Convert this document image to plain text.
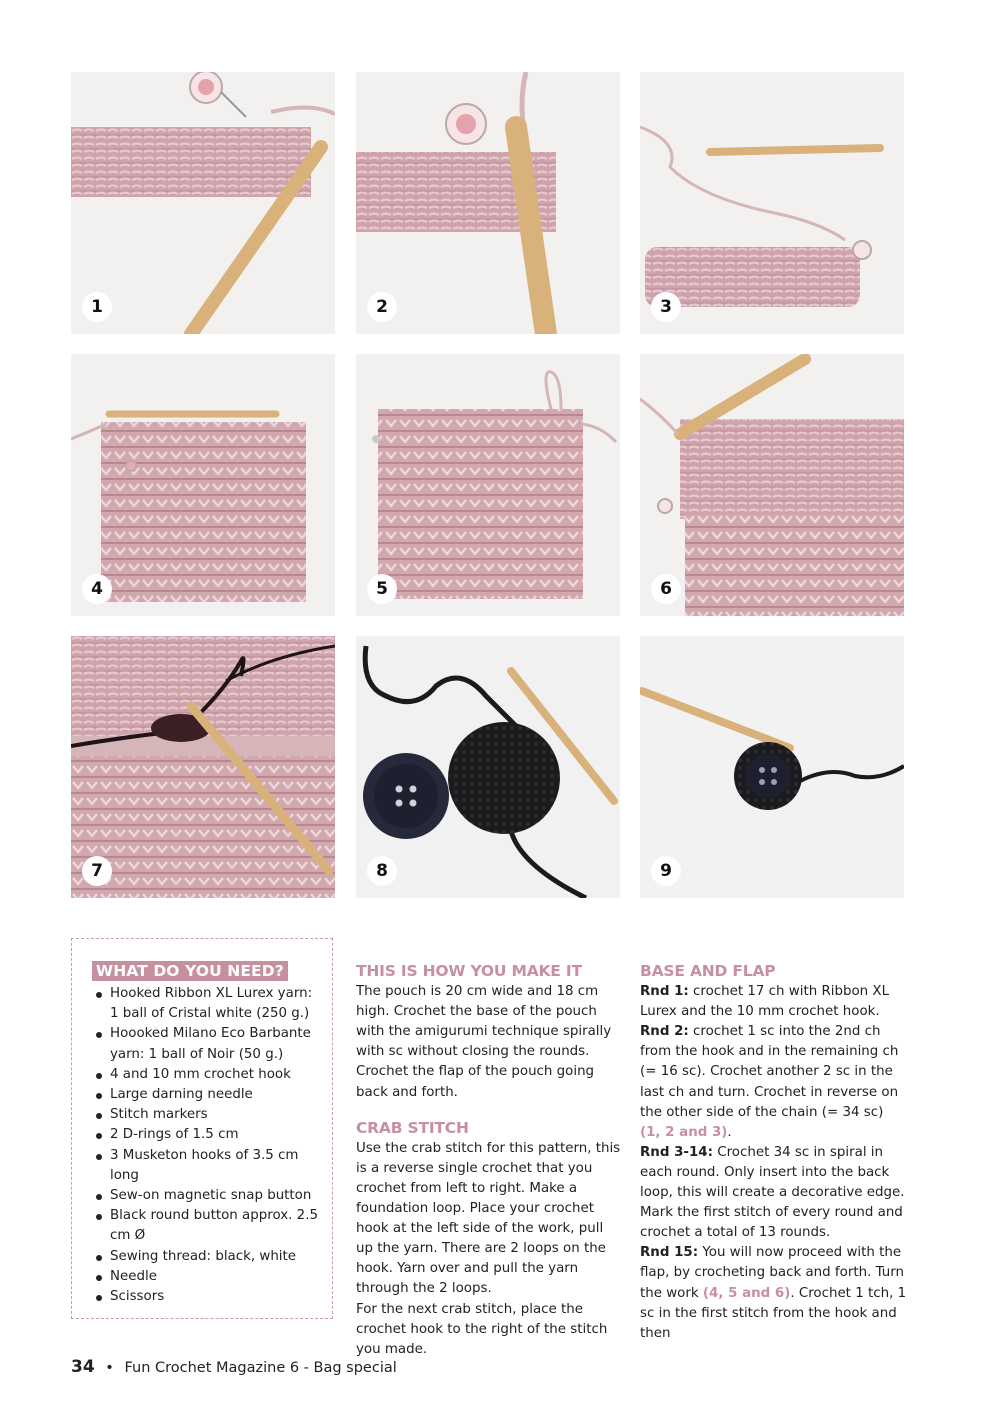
1	2	3
4	5	6
7	8	9
WHAT DO YOU NEED?
Hooked Ribbon XL Lurex yarn: 1 ball of Cristal white (250 g.)
Hoooked Milano Eco Barbante yarn: 1 ball of Noir (50 g.)
4 and 10 mm crochet hook
Large darning needle
Stitch markers
2 D-rings of 1.5 cm
3 Musketon hooks of 3.5 cm long
Sew-on magnetic snap button
Black round button approx. 2.5 cm Ø
Sewing thread: black, white
Needle
Scissors
THIS IS HOW YOU MAKE IT

The pouch is 20 cm wide and 18 cm high. Crochet the base of the pouch with the amigurumi technique spirally with sc without closing the rounds. Crochet the flap of the pouch going back and forth.

CRAB STITCH

Use the crab stitch for this pattern, this is a reverse single crochet that you crochet from left to right. Make a foundation loop. Place your crochet hook at the left side of the work, pull up the yarn. There are 2 loops on the hook. Yarn over and pull the yarn through the 2 loops.

For the next crab stitch, place the crochet hook to the right of the stitch you made.

BASE AND FLAP

Rnd 1: crochet 17 ch with Ribbon XL Lurex and the 10 mm crochet hook.

Rnd 2: crochet 1 sc into the 2nd ch from the hook and in the remaining ch (= 16 sc). Crochet another 2 sc in the last ch and turn. Crochet in reverse on the other side of the chain (= 34 sc) (1, 2 and 3).

Rnd 3-14: Crochet 34 sc in spiral in each round. Only insert into the back loop, this will create a decorative edge. Mark the first stitch of every round and crochet a total of 13 rounds.

Rnd 15: You will now proceed with the flap, by crocheting back and forth. Turn the work (4, 5 and 6). Crochet 1 tch, 1 sc in the first stitch from the hook and then

34 • Fun Crochet Magazine 6 - Bag special
